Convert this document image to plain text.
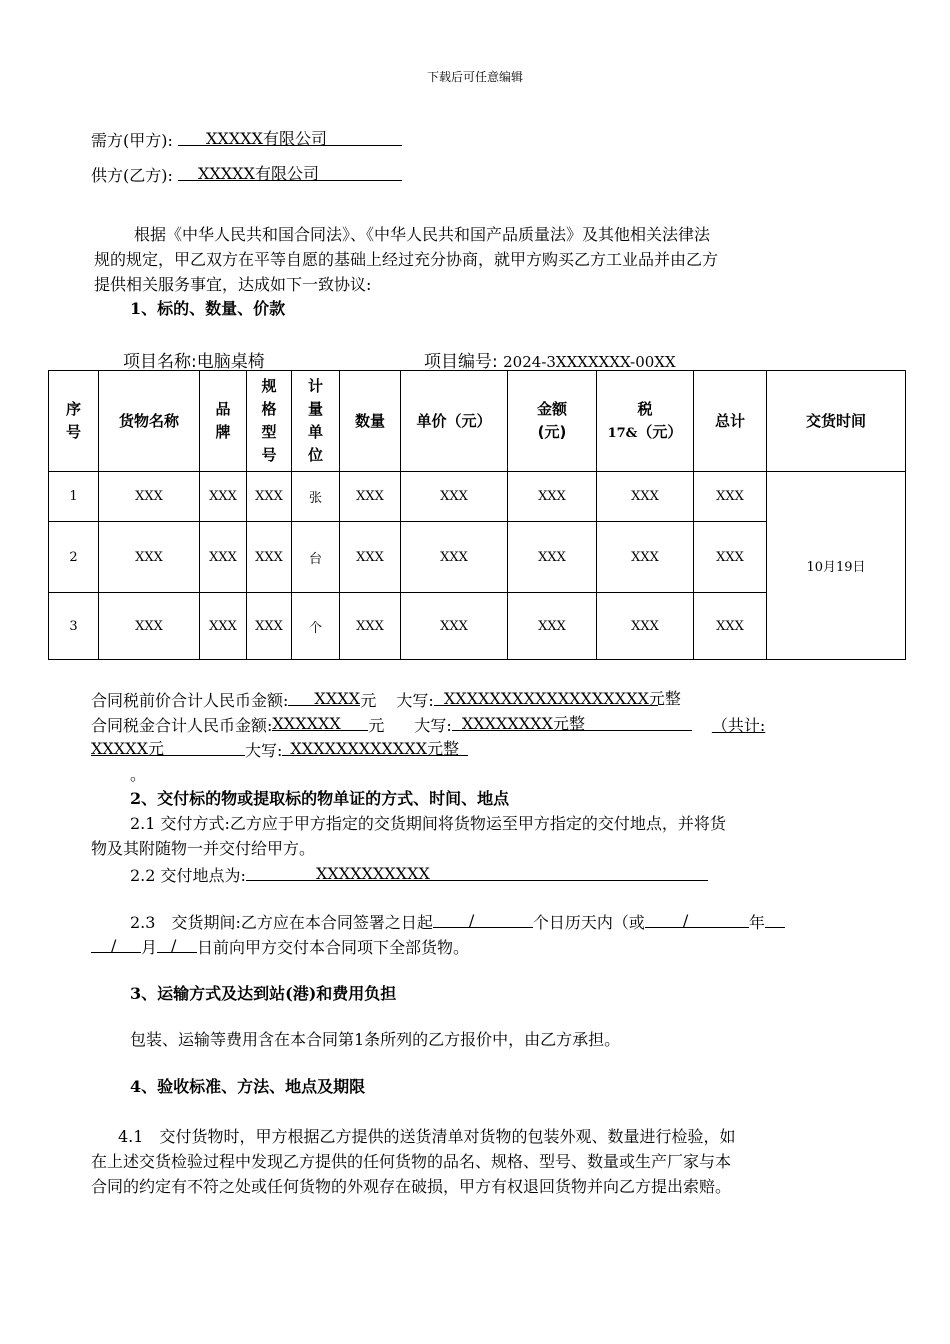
下载后可任意编辑
需方(甲方): XXXXX有限公司
供方(乙方): XXXXX有限公司
根据《中华人民共和国合同法》、《中华人民共和国产品质量法》及其他相关法律法
规的规定，甲乙双方在平等自愿的基础上经过充分协商，就甲方购买乙方工业品并由乙方
提供相关服务事宜，达成如下一致协议:
1、标的、数量、价款
项目名称:电脑桌椅	项目编号: 2024-3XXXXXXX-00XX
序
号	货物名称	品
牌	规
格
型
号	计
量
单
位	数量	单价（元）	金额
(元)	税
17&（元）	总计	交货时间
1	XXX	XXX	XXX	张	XXX	XXX	XXX	XXX	XXX	10月19日
2	XXX	XXX	XXX	台	XXX	XXX	XXX	XXX	XXX	
3	XXX	XXX	XXX	个	XXX	XXX	XXX	XXX	XXX	
合同税前价合计人民币金额: XXXX 元 大写: XXXXXXXXXXXXXXXXXX元整
合同税金合计人民币金额: XXXXXX 元 大写: XXXXXXXX元整	（共计:
XXXXX元	大写: XXXXXXXXXXXX元整
。
2、交付标的物或提取标的物单证的方式、时间、地点
2.1 交付方式:乙方应于甲方指定的交货期间将货物运至甲方指定的交付地点，并将货
物及其附随物一并交付给甲方。
2.2 交付地点为:	XXXXXXXXXX
2.3　交货期间:乙方应在本合同签署之日起 /	个日历天内（或 /	年
/ 月 / 日前向甲方交付本合同项下全部货物。
3、运输方式及达到站(港)和费用负担
包装、运输等费用含在本合同第1条所列的乙方报价中，由乙方承担。
4、验收标准、方法、地点及期限
4.1　交付货物时，甲方根据乙方提供的送货清单对货物的包装外观、数量进行检验，如
在上述交货检验过程中发现乙方提供的任何货物的品名、规格、型号、数量或生产厂家与本
合同的约定有不符之处或任何货物的外观存在破损，甲方有权退回货物并向乙方提出索赔。
